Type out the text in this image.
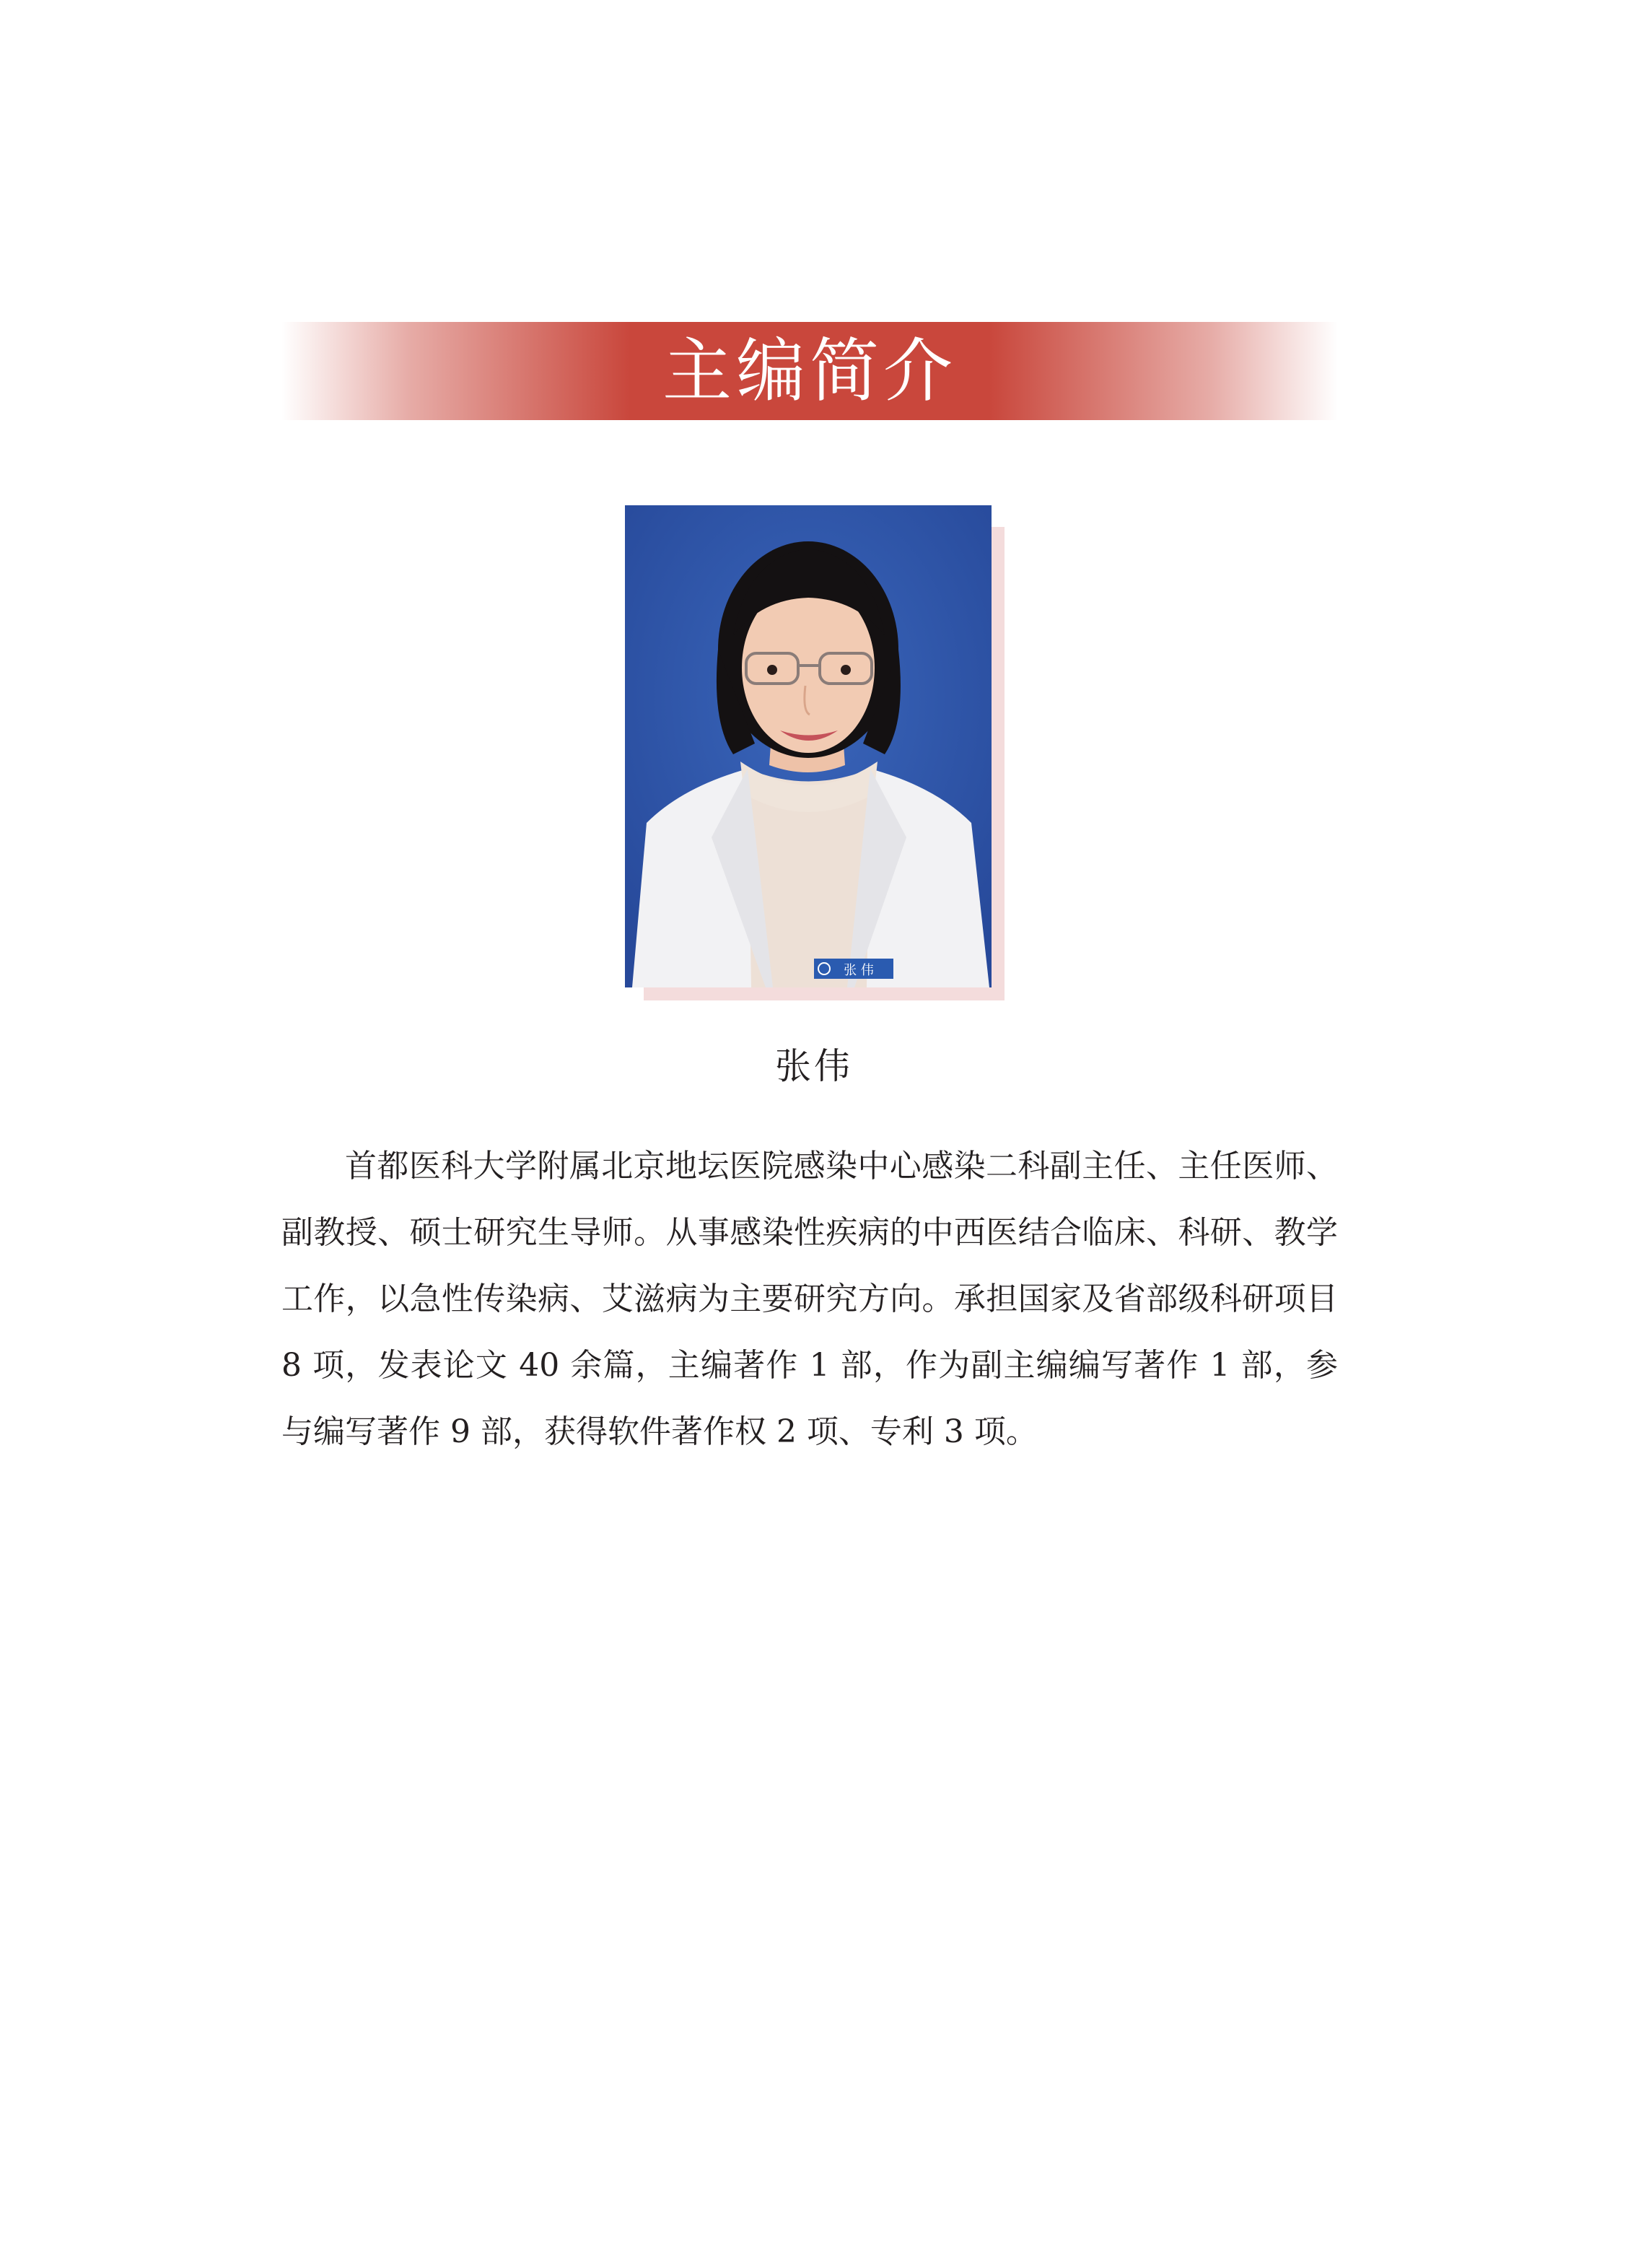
主编简介
张 伟
张伟

首都医科大学附属北京地坛医院感染中心感染二科副主任、主任医师、副教授、硕士研究生导师。从事感染性疾病的中西医结合临床、科研、教学工作，以急性传染病、艾滋病为主要研究方向。承担国家及省部级科研项目 8 项，发表论文 40 余篇，主编著作 1 部，作为副主编编写著作 1 部，参与编写著作 9 部，获得软件著作权 2 项、专利 3 项。
